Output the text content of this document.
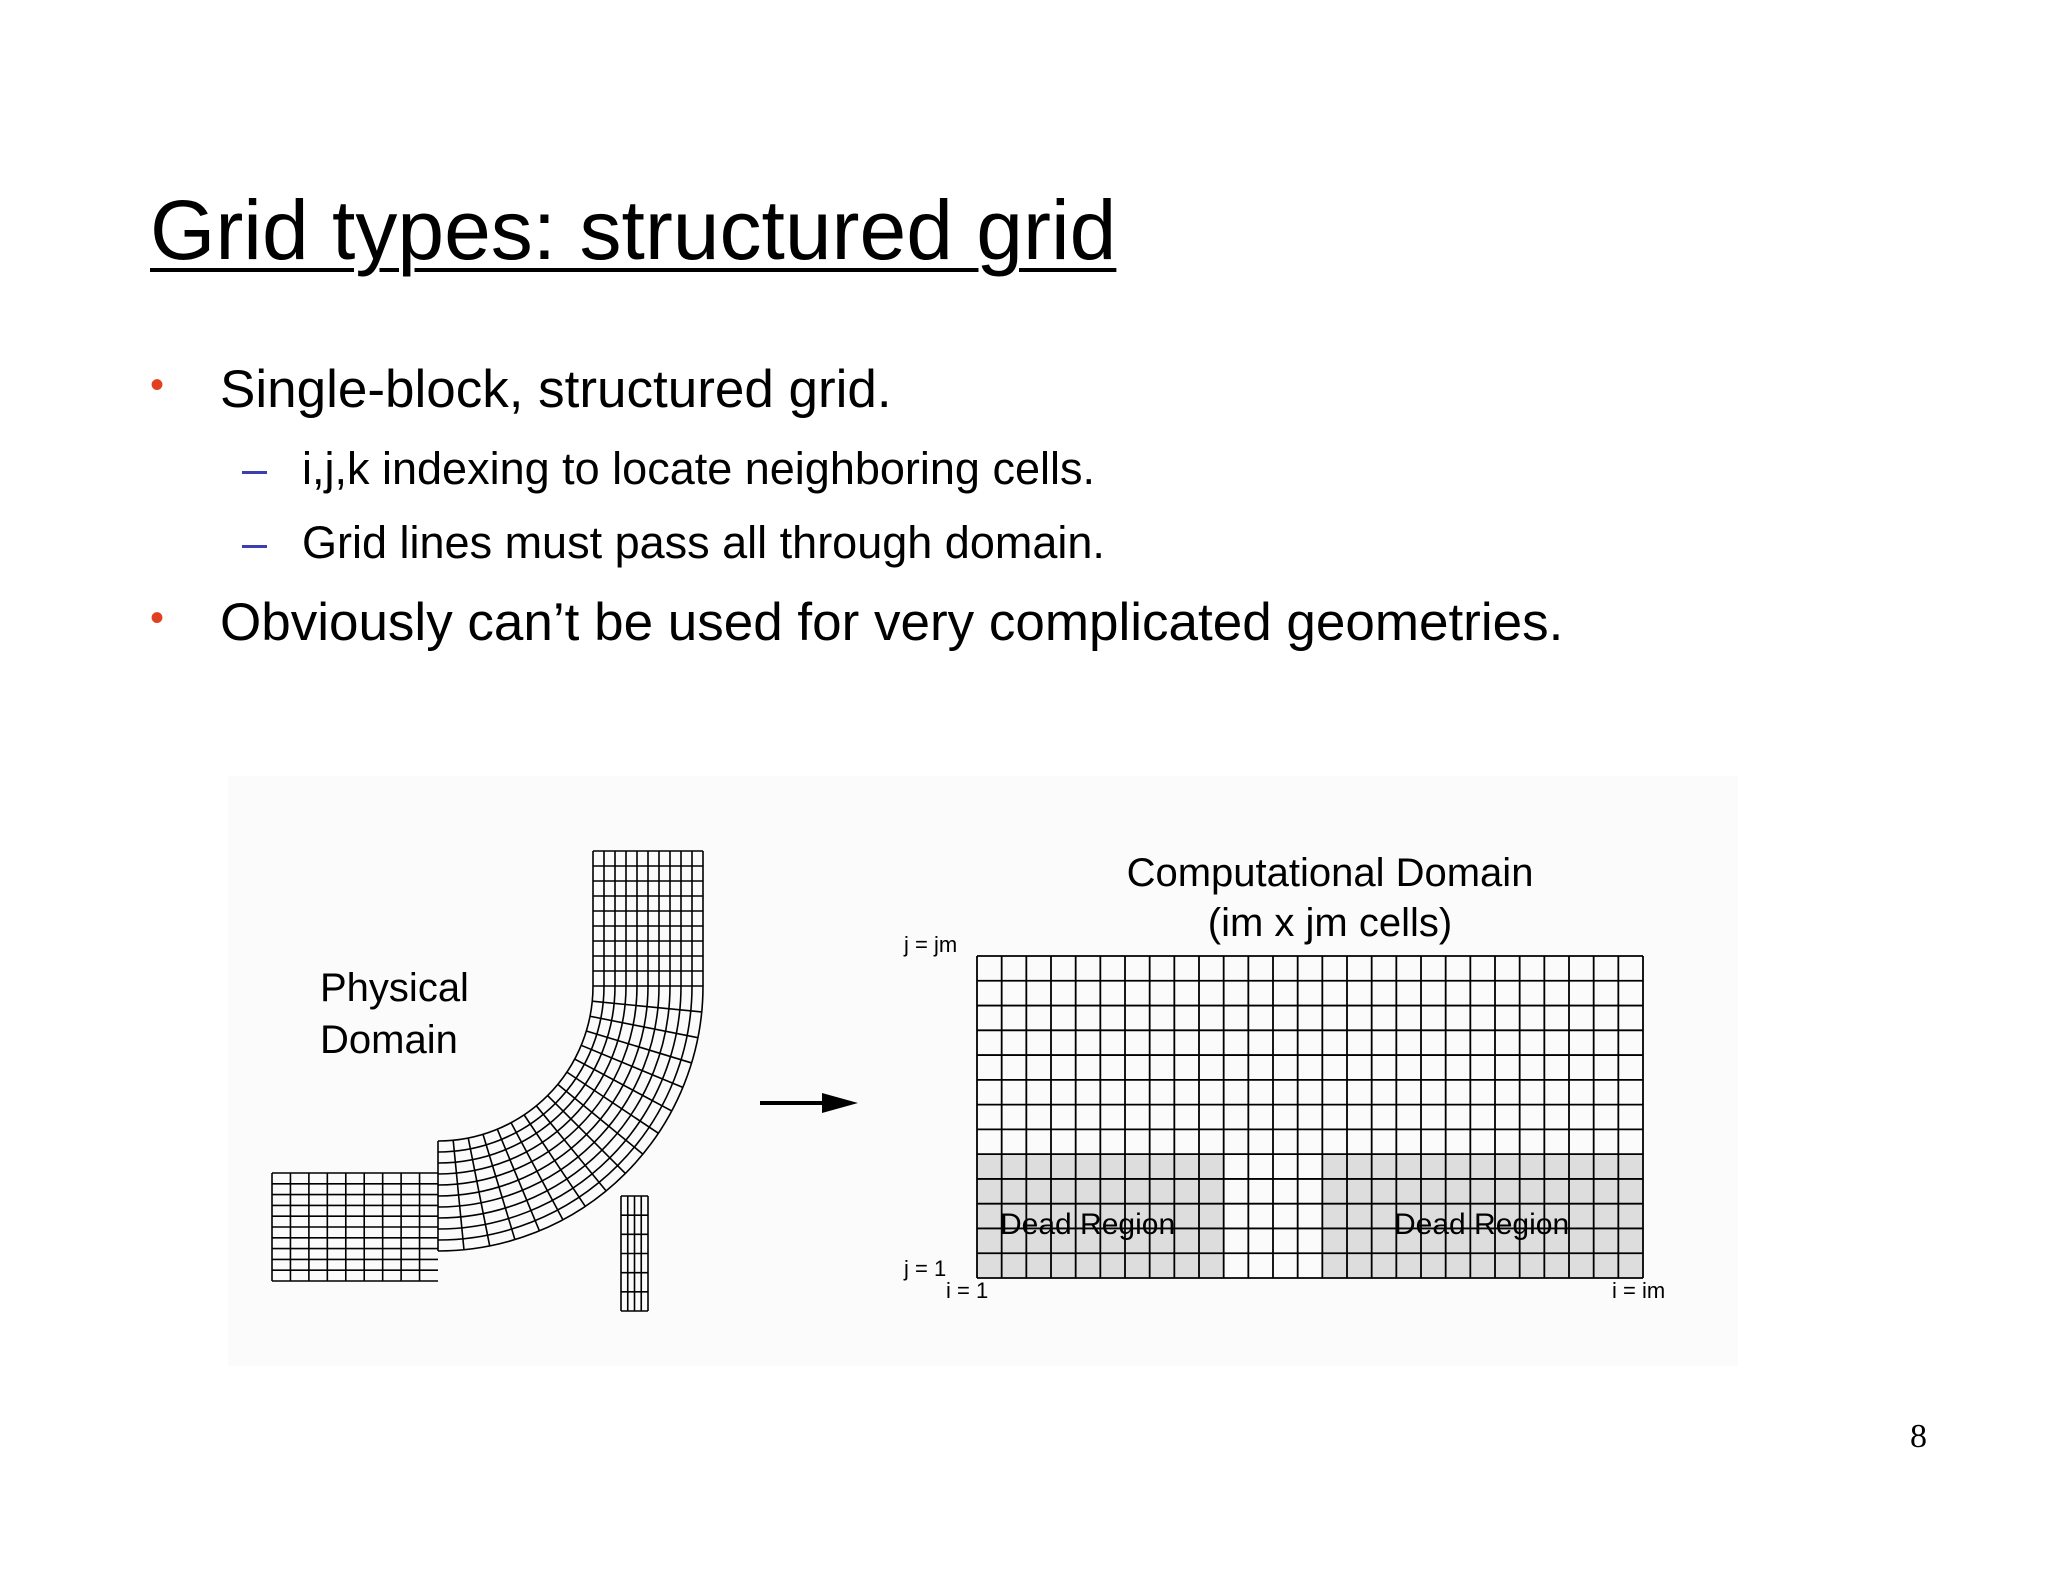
Grid types: structured grid
• Single-block, structured grid.
– i,j,k indexing to locate neighboring cells.
– Grid lines must pass all through domain.
• Obviously can’t be used for very complicated geometries.
Physical
Domain
Computational Domain
(im x jm cells)
Dead Region	Dead Region
j = jm
j = 1
i = 1	i = im
8
